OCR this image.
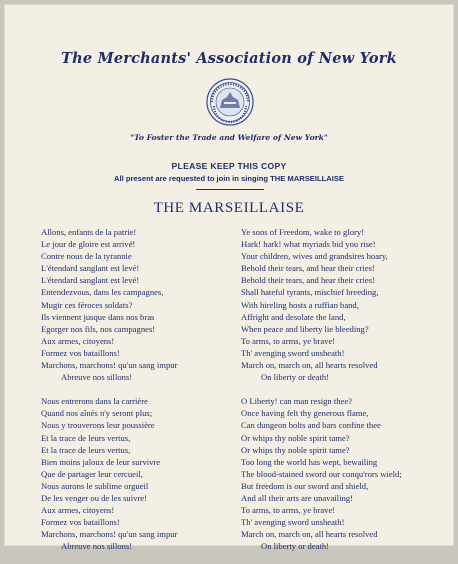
The Merchants' Association of New York
"To Foster the Trade and Welfare of New York"
PLEASE KEEP THIS COPY
All present are requested to join in singing THE MARSEILLAISE
THE MARSEILLAISE
Allons, enfants de la patrie!
Le jour de gloire est arrivé!
Contre nous de la tyrannie
L'étendard sanglant est levé!
L'étendard sanglant est levé!
Entendezvous, dans les campagnes,
Mugir ces féroces soldats?
Ils viennent jusque dans nos bras
Egorger nos fils, nos campagnes!
Aux armes, citoyens!
Formez vos bataillons!
Marchons, marchons! qu'un sang impur
Abreuve nos sillons!
Nous entrerons dans la carrière
Quand nos aînés n'y seront plus;
Nous y trouverons leur poussière
Et la trace de leurs vertus,
Et la trace de leurs vertus,
Bien moins jaloux de leur survivre
Que de partager leur cercueil,
Nous aurons le sublime orgueil
De les venger ou de les suivre!
Aux armes, citoyens!
Formez vos bataillons!
Marchons, marchons! qu'un sang impur
Abreuve nos sillons!
Ye sons of Freedom, wake to glory!
Hark! hark! what myriads bid you rise!
Your children, wives and grandsires hoary,
Behold their tears, and hear their cries!
Behold their tears, and hear their cries!
Shall hateful tyrants, mischief breeding,
With hireling hosts a ruffian band,
Affright and desolate the land,
When peace and liberty lie bleeding?
To arms, to arms, ye brave!
Th' avenging sword unsheath!
March on, march on, all hearts resolved
On liberty or death!
O Liberty! can man resign thee?
Once having felt thy generous flame,
Can dungeon bolts and bars confine thee
Or whips thy noble spirit tame?
Or whips thy noble spirit tame?
Too long the world has wept, bewailing
The blood-stained sword our conqu'rors wield;
But freedom is our sword and shield,
And all their arts are unavailing!
To arms, to arms, ye brave!
Th' avenging sword unsheath!
March on, march on, all hearts resolved
On liberty or death!
